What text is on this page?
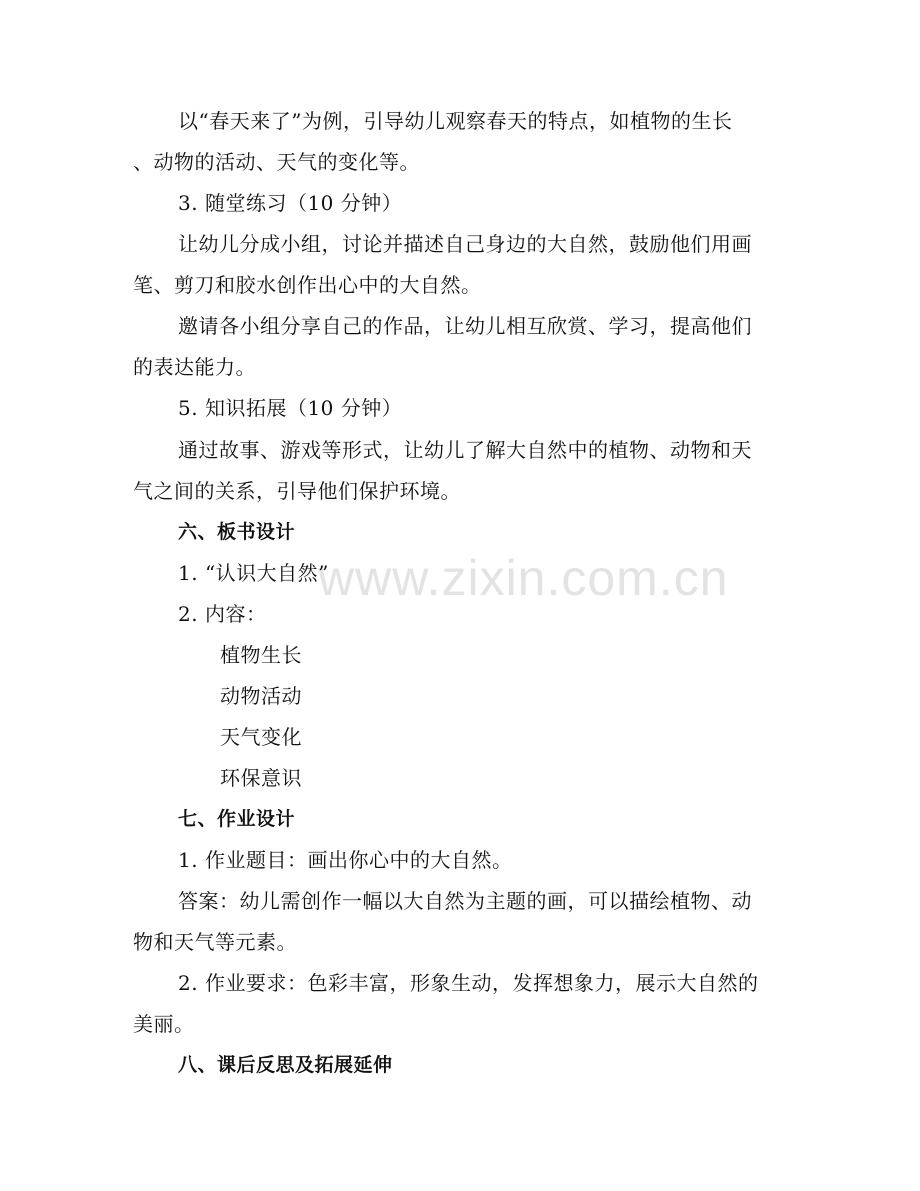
www.zixin.com.cn
以“春天来了”为例，引导幼儿观察春天的特点，如植物的生长
、动物的活动、天气的变化等。
3. 随堂练习（10 分钟）
让幼儿分成小组，讨论并描述自己身边的大自然，鼓励他们用画
笔、剪刀和胶水创作出心中的大自然。
邀请各小组分享自己的作品，让幼儿相互欣赏、学习，提高他们
的表达能力。
5. 知识拓展（10 分钟）
通过故事、游戏等形式，让幼儿了解大自然中的植物、动物和天
气之间的关系，引导他们保护环境。
六、板书设计
1. “认识大自然”
2. 内容：
植物生长
动物活动
天气变化
环保意识
七、作业设计
1. 作业题目：画出你心中的大自然。
答案：幼儿需创作一幅以大自然为主题的画，可以描绘植物、动
物和天气等元素。
2. 作业要求：色彩丰富，形象生动，发挥想象力，展示大自然的
美丽。
八、课后反思及拓展延伸
